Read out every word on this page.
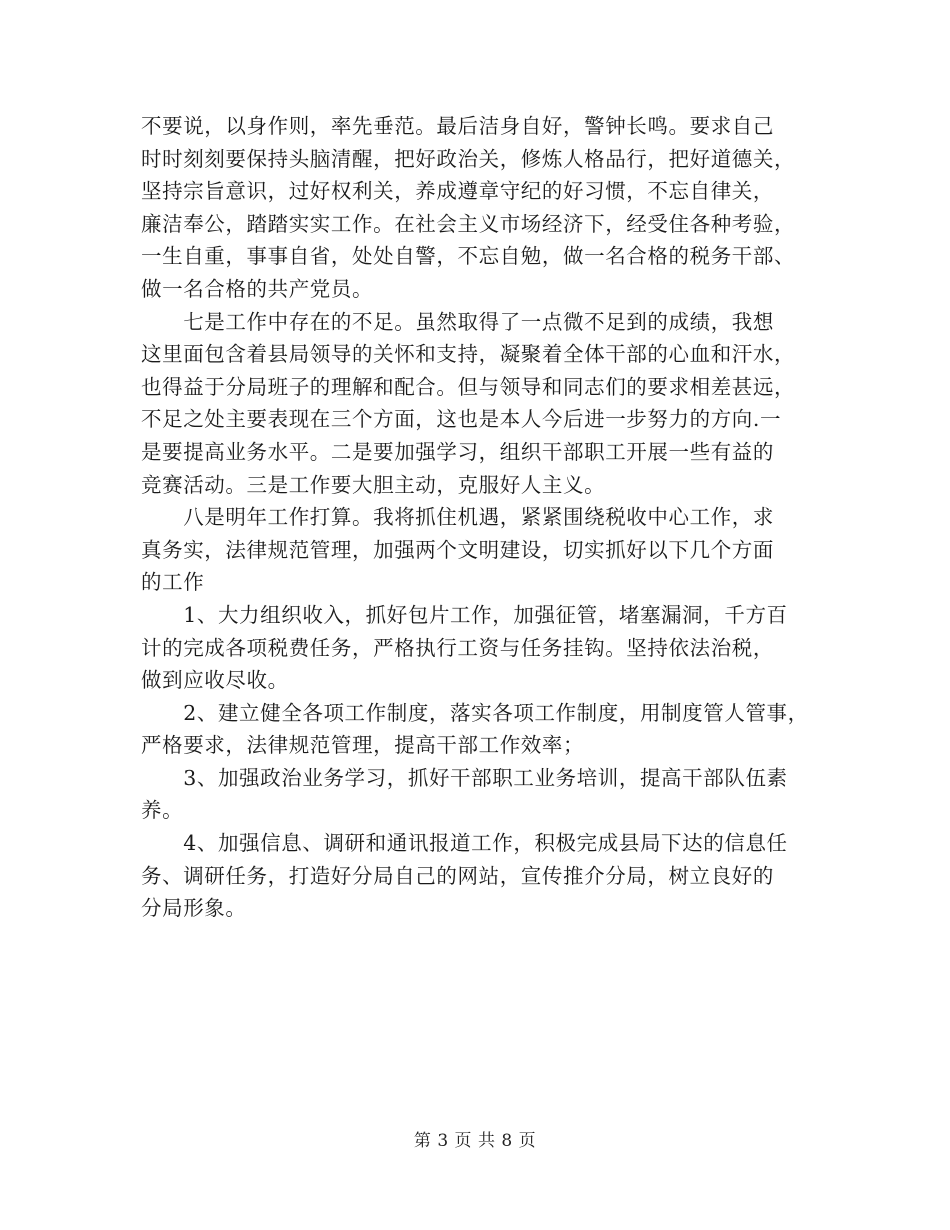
不要说，以身作则，率先垂范。最后洁身自好，警钟长鸣。要求自己
时时刻刻要保持头脑清醒，把好政治关，修炼人格品行，把好道德关，
坚持宗旨意识，过好权利关，养成遵章守纪的好习惯，不忘自律关，
廉洁奉公，踏踏实实工作。在社会主义市场经济下，经受住各种考验，
一生自重，事事自省，处处自警，不忘自勉，做一名合格的税务干部、
做一名合格的共产党员。
　　七是工作中存在的不足。虽然取得了一点微不足到的成绩，我想
这里面包含着县局领导的关怀和支持，凝聚着全体干部的心血和汗水，
也得益于分局班子的理解和配合。但与领导和同志们的要求相差甚远，
不足之处主要表现在三个方面，这也是本人今后进一步努力的方向.一
是要提高业务水平。二是要加强学习，组织干部职工开展一些有益的
竞赛活动。三是工作要大胆主动，克服好人主义。
　　八是明年工作打算。我将抓住机遇，紧紧围绕税收中心工作，求
真务实，法律规范管理，加强两个文明建设，切实抓好以下几个方面
的工作
　　1、大力组织收入，抓好包片工作，加强征管，堵塞漏洞，千方百
计的完成各项税费任务，严格执行工资与任务挂钩。坚持依法治税，
做到应收尽收。
　　2、建立健全各项工作制度，落实各项工作制度，用制度管人管事，
严格要求，法律规范管理，提高干部工作效率；
　　3、加强政治业务学习，抓好干部职工业务培训，提高干部队伍素
养。
　　4、加强信息、调研和通讯报道工作，积极完成县局下达的信息任
务、调研任务，打造好分局自己的网站，宣传推介分局，树立良好的
分局形象。
第 3 页 共 8 页
